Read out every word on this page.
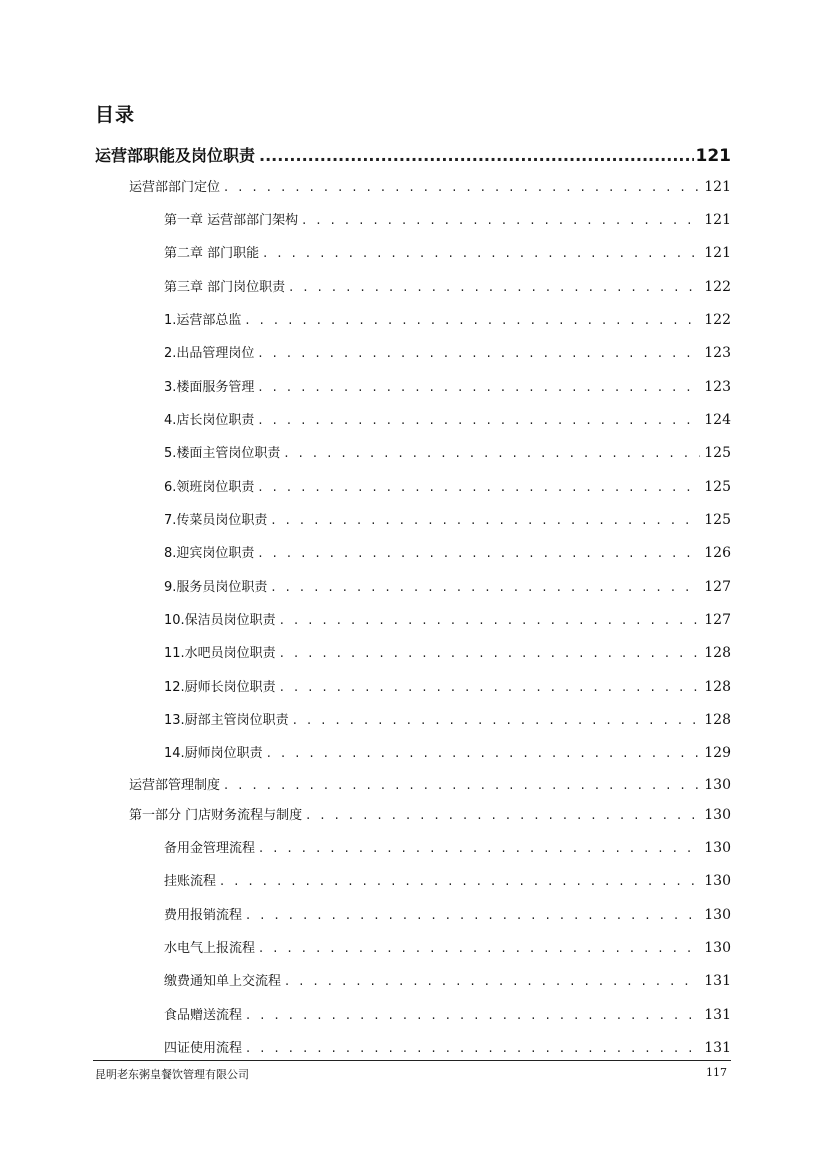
目录
运营部职能及岗位职责 .....	121
运营部部门定位 . . .	121
第一章 运营部部门架构 . . .	121
第二章 部门职能 . . .	121
第三章 部门岗位职责 . . .	122
1.运营部总监 . . .	122
2.出品管理岗位 . . .	123
3.楼面服务管理 . . .	123
4.店长岗位职责 . . .	124
5.楼面主管岗位职责 . . .	125
6.领班岗位职责 . . .	125
7.传菜员岗位职责 . . .	125
8.迎宾岗位职责 . . .	126
9.服务员岗位职责 . . .	127
10.保洁员岗位职责 . . .	127
11.水吧员岗位职责 . . .	128
12.厨师长岗位职责 . . .	128
13.厨部主管岗位职责 . . .	128
14.厨师岗位职责 . . .	129
运营部管理制度 . . .	130
第一部分 门店财务流程与制度 . . .	130
备用金管理流程 . . .	130
挂账流程 . . .	130
费用报销流程 . . .	130
水电气上报流程 . . .	130
缴费通知单上交流程 . . .	131
食品赠送流程 . . .	131
四证使用流程 . . .	131
昆明老东粥皇餐饮管理有限公司	117
